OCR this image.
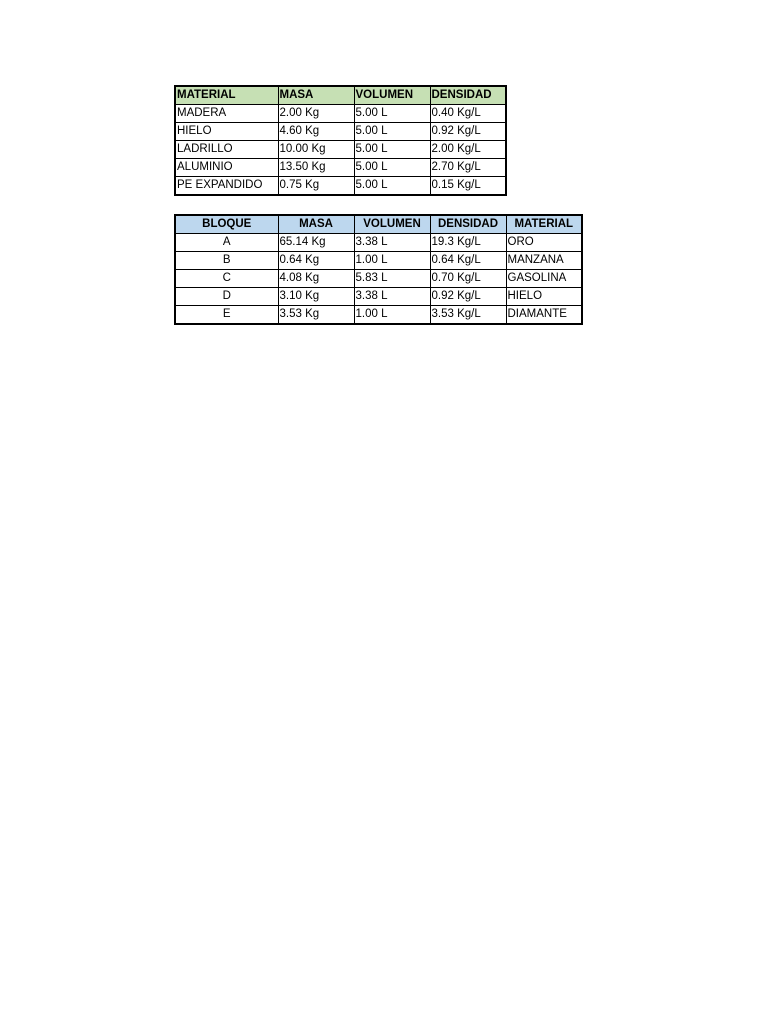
MATERIAL	MASA	VOLUMEN	DENSIDAD
MADERA	2.00 Kg	5.00 L	0.40 Kg/L
HIELO	4.60 Kg	5.00 L	0.92 Kg/L
LADRILLO	10.00 Kg	5.00 L	2.00 Kg/L
ALUMINIO	13.50 Kg	5.00 L	2.70 Kg/L
PE EXPANDIDO	0.75 Kg	5.00 L	0.15 Kg/L
BLOQUE	MASA	VOLUMEN	DENSIDAD	MATERIAL
A	65.14 Kg	3.38 L	19.3 Kg/L	ORO
B	0.64 Kg	1.00 L	0.64 Kg/L	MANZANA
C	4.08 Kg	5.83 L	0.70 Kg/L	GASOLINA
D	3.10 Kg	3.38 L	0.92 Kg/L	HIELO
E	3.53 Kg	1.00 L	3.53 Kg/L	DIAMANTE
